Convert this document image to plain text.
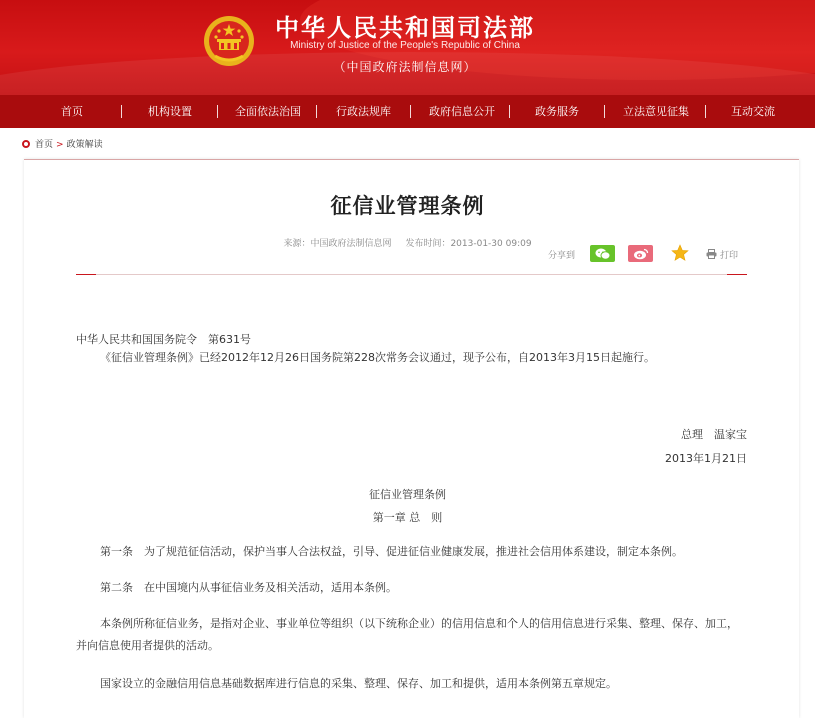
中华人民共和国司法部
Ministry of Justice of the People's Republic of China
（中国政府法制信息网）
首页	机构设置	全面依法治国	行政法规库	政府信息公开	政务服务	立法意见征集	互动交流
首页 > 政策解读
征信业管理条例
来源：中国政府法制信息网 发布时间：2013-01-30 09:09
分享到	打印
中华人民共和国国务院令　第631号
《征信业管理条例》已经2012年12月26日国务院第228次常务会议通过，现予公布，自2013年3月15日起施行。
总理　温家宝
2013年1月21日
征信业管理条例
第一章 总　则
第一条　为了规范征信活动，保护当事人合法权益，引导、促进征信业健康发展，推进社会信用体系建设，制定本条例。
第二条　在中国境内从事征信业务及相关活动，适用本条例。
本条例所称征信业务，是指对企业、事业单位等组织（以下统称企业）的信用信息和个人的信用信息进行采集、整理、保存、加工，并向信息使用者提供的活动。
国家设立的金融信用信息基础数据库进行信息的采集、整理、保存、加工和提供，适用本条例第五章规定。
